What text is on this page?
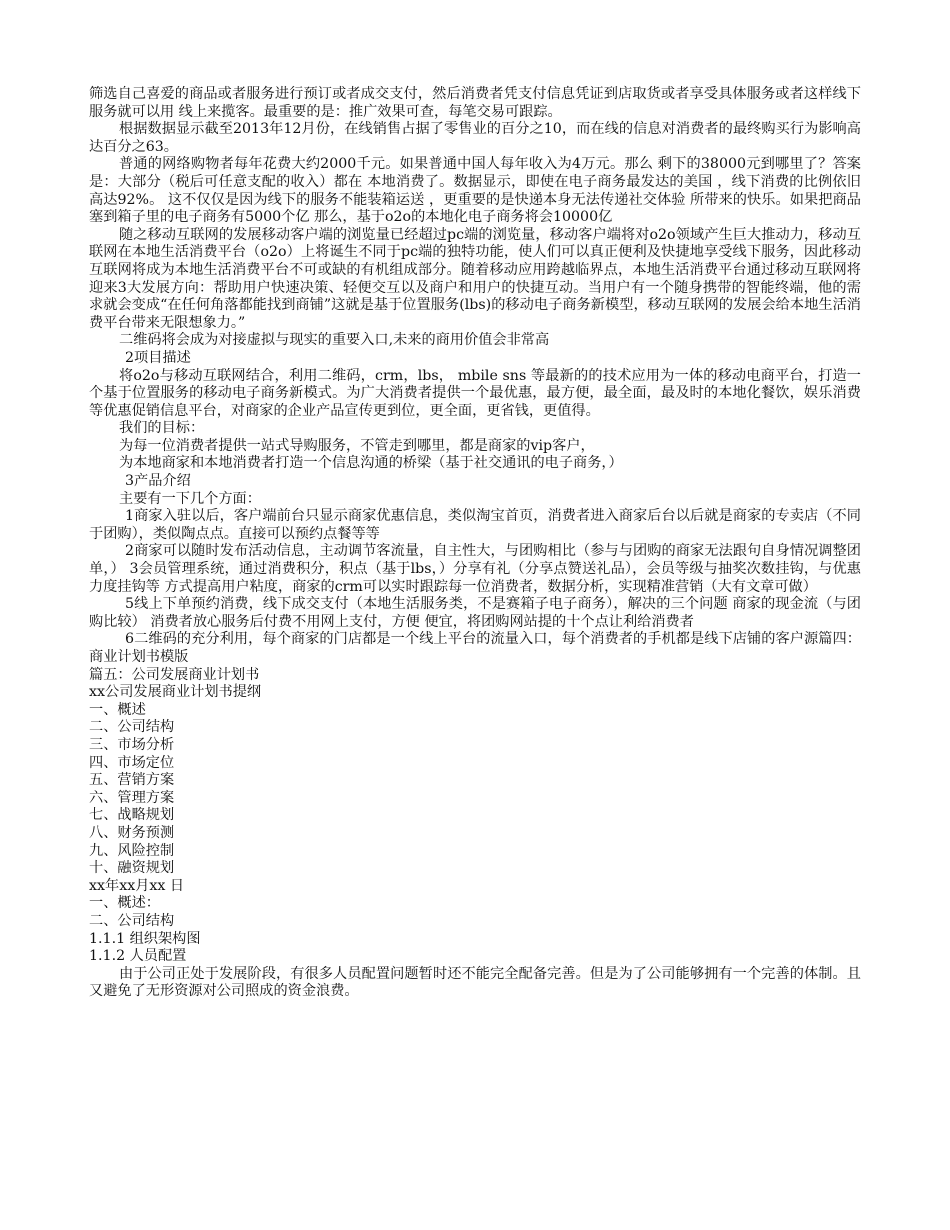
筛选自己喜爱的商品或者服务进行预订或者成交支付，然后消费者凭支付信息凭证到店取货或者享受具体服务或者这样线下服务就可以用 线上来揽客。最重要的是：推广效果可查，每笔交易可跟踪。

根据数据显示截至2013年12月份，在线销售占据了零售业的百分之10，而在线的信息对消费者的最终购买行为影响高达百分之63。

普通的网络购物者每年花费大约2000千元。如果普通中国人每年收入为4万元。那么 剩下的38000元到哪里了？答案是：大部分（税后可任意支配的收入）都在 本地消费了。数据显示，即使在电子商务最发达的美国 ，线下消费的比例依旧高达92%。 这不仅仅是因为线下的服务不能装箱运送 ，更重要的是快递本身无法传递社交体验 所带来的快乐。如果把商品塞到箱子里的电子商务有5000个亿 那么，基于o2o的本地化电子商务将会10000亿

随之移动互联网的发展移动客户端的浏览量已经超过pc端的浏览量，移动客户端将对o2o领域产生巨大推动力，移动互联网在本地生活消费平台（o2o）上将诞生不同于pc端的独特功能，使人们可以真正便利及快捷地享受线下服务，因此移动互联网将成为本地生活消费平台不可或缺的有机组成部分。随着移动应用跨越临界点，本地生活消费平台通过移动互联网将迎来3大发展方向：帮助用户快速决策、轻便交互以及商户和用户的快捷互动。当用户有一个随身携带的智能终端，他的需求就会变成“在任何角落都能找到商铺”这就是基于位置服务(lbs)的移动电子商务新模型，移动互联网的发展会给本地生活消费平台带来无限想象力。”

二维码将会成为对接虚拟与现实的重要入口,未来的商用价值会非常高

2项目描述

将o2o与移动互联网结合，利用二维码，crm，lbs， mbile sns 等最新的的技术应用为一体的移动电商平台，打造一个基于位置服务的移动电子商务新模式。为广大消费者提供一个最优惠，最方便，最全面，最及时的本地化餐饮，娱乐消费等优惠促销信息平台，对商家的企业产品宣传更到位，更全面，更省钱，更值得。

我们的目标：

为每一位消费者提供一站式导购服务，不管走到哪里，都是商家的vip客户，

为本地商家和本地消费者打造一个信息沟通的桥梁（基于社交通讯的电子商务，）

3产品介绍

主要有一下几个方面：

1商家入驻以后，客户端前台只显示商家优惠信息，类似淘宝首页，消费者进入商家后台以后就是商家的专卖店（不同于团购），类似陶点点。直接可以预约点餐等等

2商家可以随时发布活动信息，主动调节客流量，自主性大，与团购相比（参与与团购的商家无法跟句自身情况调整团单，） 3会员管理系统，通过消费积分，积点（基于lbs，）分享有礼（分享点赞送礼品），会员等级与抽奖次数挂钩，与优惠力度挂钩等 方式提高用户粘度，商家的crm可以实时跟踪每一位消费者，数据分析，实现精准营销（大有文章可做）

5线上下单预约消费，线下成交支付（本地生活服务类，不是赛箱子电子商务），解决的三个问题 商家的现金流（与团购比较） 消费者放心服务后付费不用网上支付，方便 便宜，将团购网站提的十个点让利给消费者

6二维码的充分利用，每个商家的门店都是一个线上平台的流量入口，每个消费者的手机都是线下店铺的客户源篇四：商业计划书模版

篇五：公司发展商业计划书

xx公司发展商业计划书提纲

一、概述

二、公司结构

三、市场分析

四、市场定位

五、营销方案

六、管理方案

七、战略规划

八、财务预测

九、风险控制

十、融资规划

xx年xx月xx 日

一、概述：

二、公司结构

1.1.1 组织架构图

1.1.2 人员配置

由于公司正处于发展阶段，有很多人员配置问题暂时还不能完全配备完善。但是为了公司能够拥有一个完善的体制。且又避免了无形资源对公司照成的资金浪费。
